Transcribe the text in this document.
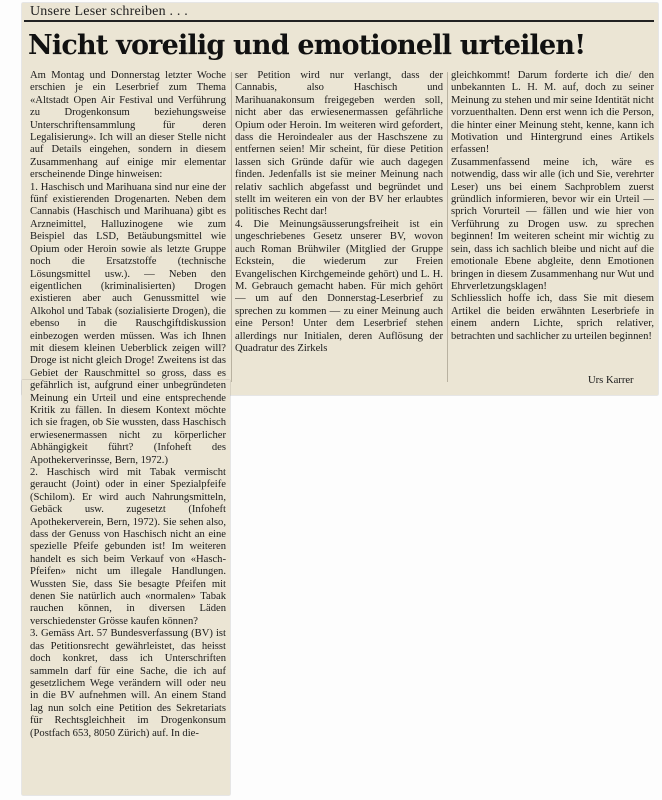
Unsere Leser schreiben . . .
Nicht voreilig und emotionell urteilen!

Am Montag und Donnerstag letzter Woche erschien je ein Leserbrief zum Thema «Altstadt Open Air Festival und Verführung zu Drogenkonsum beziehungsweise Unterschriftensammlung für deren Legalisierung». Ich will an dieser Stelle nicht auf Details eingehen, sondern in diesem Zusammenhang auf einige mir elementar erscheinende Dinge hinweisen:
1. Haschisch und Marihuana sind nur eine der fünf existierenden Drogenarten. Neben dem Cannabis (Haschisch und Marihuana) gibt es Arzneimittel, Halluzinogene wie zum Beispiel das LSD, Betäubungsmittel wie Opium oder Heroin sowie als letzte Gruppe noch die Ersatzstoffe (technische Lösungsmittel usw.). — Neben den eigentlichen (kriminalisierten) Drogen existieren aber auch Genussmittel wie Alkohol und Tabak (sozialisierte Drogen), die ebenso in die Rauschgiftdiskussion einbezogen werden müssen. Was ich Ihnen mit diesem kleinen Ueberblick zeigen will? Droge ist nicht gleich Droge! Zweitens ist das Gebiet der Rauschmittel so gross, dass es gefährlich ist, aufgrund einer unbegründeten Meinung ein Urteil und eine entsprechende Kritik zu fällen. In diesem Kontext möchte ich sie fragen, ob Sie wussten, dass Haschisch erwiesenermassen nicht zu körperlicher Abhängigkeit führt? (Infoheft des Apothekerverinsse, Bern, 1972.)
2. Haschisch wird mit Tabak vermischt geraucht (Joint) oder in einer Spezialpfeife (Schilom). Er wird auch Nahrungsmitteln, Gebäck usw. zugesetzt (Infoheft Apothekerverein, Bern, 1972). Sie sehen also, dass der Genuss von Haschisch nicht an eine spezielle Pfeife gebunden ist! Im weiteren handelt es sich beim Verkauf von «Hasch-Pfeifen» nicht um illegale Handlungen. Wussten Sie, dass Sie besagte Pfeifen mit denen Sie natürlich auch «normalen» Tabak rauchen können, in diversen Läden verschiedenster Grösse kaufen können?
3. Gemäss Art. 57 Bundesverfassung (BV) ist das Petitionsrecht gewährleistet, das heisst doch konkret, dass ich Unterschriften sammeln darf für eine Sache, die ich auf gesetzlichem Wege verändern will oder neu in die BV aufnehmen will. An einem Stand lag nun solch eine Petition des Sekretariats für Rechtsgleichheit im Drogenkonsum (Postfach 653, 8050 Zürich) auf. In die-

ser Petition wird nur verlangt, dass der Cannabis, also Haschisch und Marihuanakonsum freigegeben werden soll, nicht aber das erwiesenermassen gefährliche Opium oder Heroin. Im weiteren wird gefordert, dass die Heroindealer aus der Haschszene zu entfernen seien! Mir scheint, für diese Petition lassen sich Gründe dafür wie auch dagegen finden. Jedenfalls ist sie meiner Meinung nach relativ sachlich abgefasst und begründet und stellt im weiteren ein von der BV her erlaubtes politisches Recht dar!
4. Die Meinungsäusserungsfreiheit ist ein ungeschriebenes Gesetz unserer BV, wovon auch Roman Brühwiler (Mitglied der Gruppe Eckstein, die wiederum zur Freien Evangelischen Kirchgemeinde gehört) und L. H. M. Gebrauch gemacht haben. Für mich gehört — um auf den Donnerstag-Leserbrief zu sprechen zu kommen — zu einer Meinung auch eine Person! Unter dem Leserbrief stehen allerdings nur Initialen, deren Auflösung der Quadratur des Zirkels

gleichkommt! Darum forderte ich die/ den unbekannten L. H. M. auf, doch zu seiner Meinung zu stehen und mir seine Identität nicht vorzuenthalten. Denn erst wenn ich die Person, die hinter einer Meinung steht, kenne, kann ich Motivation und Hintergrund eines Artikels erfassen!
Zusammenfassend meine ich, wäre es notwendig, dass wir alle (ich und Sie, verehrter Leser) uns bei einem Sachproblem zuerst gründlich informieren, bevor wir ein Urteil — sprich Vorurteil — fällen und wie hier von Verführung zu Drogen usw. zu sprechen beginnen! Im weiteren scheint mir wichtig zu sein, dass ich sachlich bleibe und nicht auf die emotionale Ebene abgleite, denn Emotionen bringen in diesem Zusammenhang nur Wut und Ehrverletzungsklagen!
Schliesslich hoffe ich, dass Sie mit diesem Artikel die beiden erwähnten Leserbriefe in einem andern Lichte, sprich relativer, betrachten und sachlicher zu urteilen beginnen!

Urs Karrer
